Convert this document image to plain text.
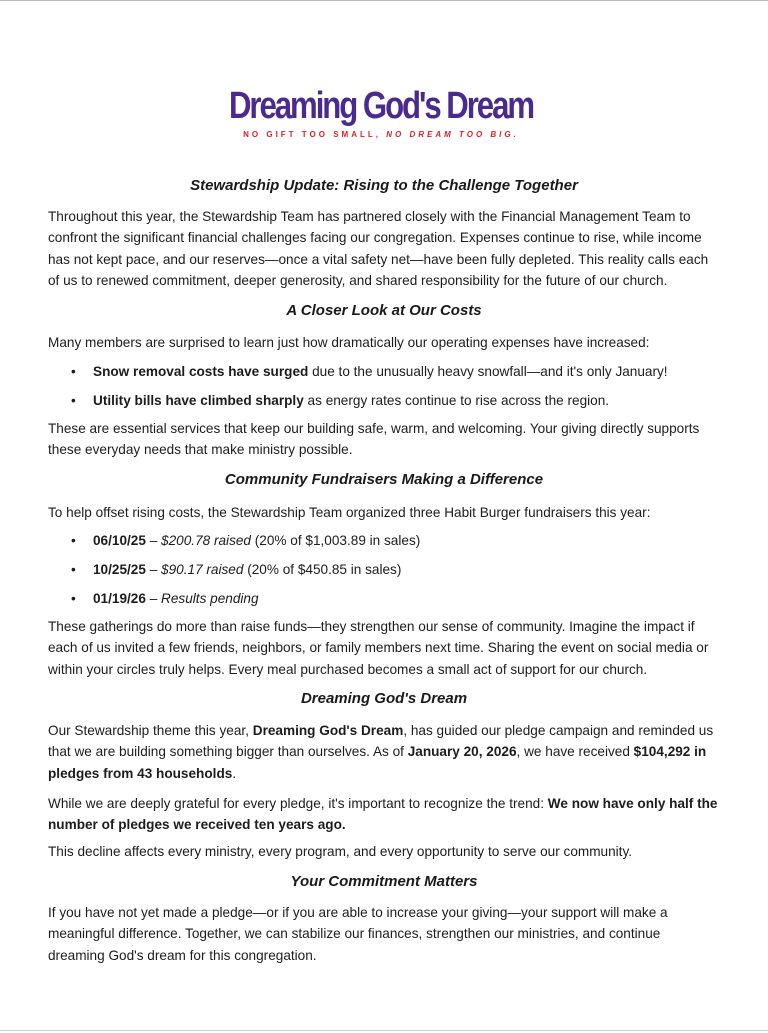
Dreaming God's Dream
NO GIFT TOO SMALL, NO DREAM TOO BIG.
Stewardship Update: Rising to the Challenge Together
Throughout this year, the Stewardship Team has partnered closely with the Financial Management Team to confront the significant financial challenges facing our congregation. Expenses continue to rise, while income has not kept pace, and our reserves—once a vital safety net—have been fully depleted. This reality calls each of us to renewed commitment, deeper generosity, and shared responsibility for the future of our church.
A Closer Look at Our Costs
Many members are surprised to learn just how dramatically our operating expenses have increased:
• Snow removal costs have surged due to the unusually heavy snowfall—and it's only January!
• Utility bills have climbed sharply as energy rates continue to rise across the region.
These are essential services that keep our building safe, warm, and welcoming. Your giving directly supports these everyday needs that make ministry possible.
Community Fundraisers Making a Difference
To help offset rising costs, the Stewardship Team organized three Habit Burger fundraisers this year:
• 06/10/25 – $200.78 raised (20% of $1,003.89 in sales)
• 10/25/25 – $90.17 raised (20% of $450.85 in sales)
• 01/19/26 – Results pending
These gatherings do more than raise funds—they strengthen our sense of community. Imagine the impact if each of us invited a few friends, neighbors, or family members next time. Sharing the event on social media or within your circles truly helps. Every meal purchased becomes a small act of support for our church.
Dreaming God's Dream
Our Stewardship theme this year, Dreaming God's Dream, has guided our pledge campaign and reminded us that we are building something bigger than ourselves. As of January 20, 2026, we have received $104,292 in pledges from 43 households.
While we are deeply grateful for every pledge, it's important to recognize the trend: We now have only half the number of pledges we received ten years ago.
This decline affects every ministry, every program, and every opportunity to serve our community.
Your Commitment Matters
If you have not yet made a pledge—or if you are able to increase your giving—your support will make a meaningful difference. Together, we can stabilize our finances, strengthen our ministries, and continue dreaming God's dream for this congregation.
